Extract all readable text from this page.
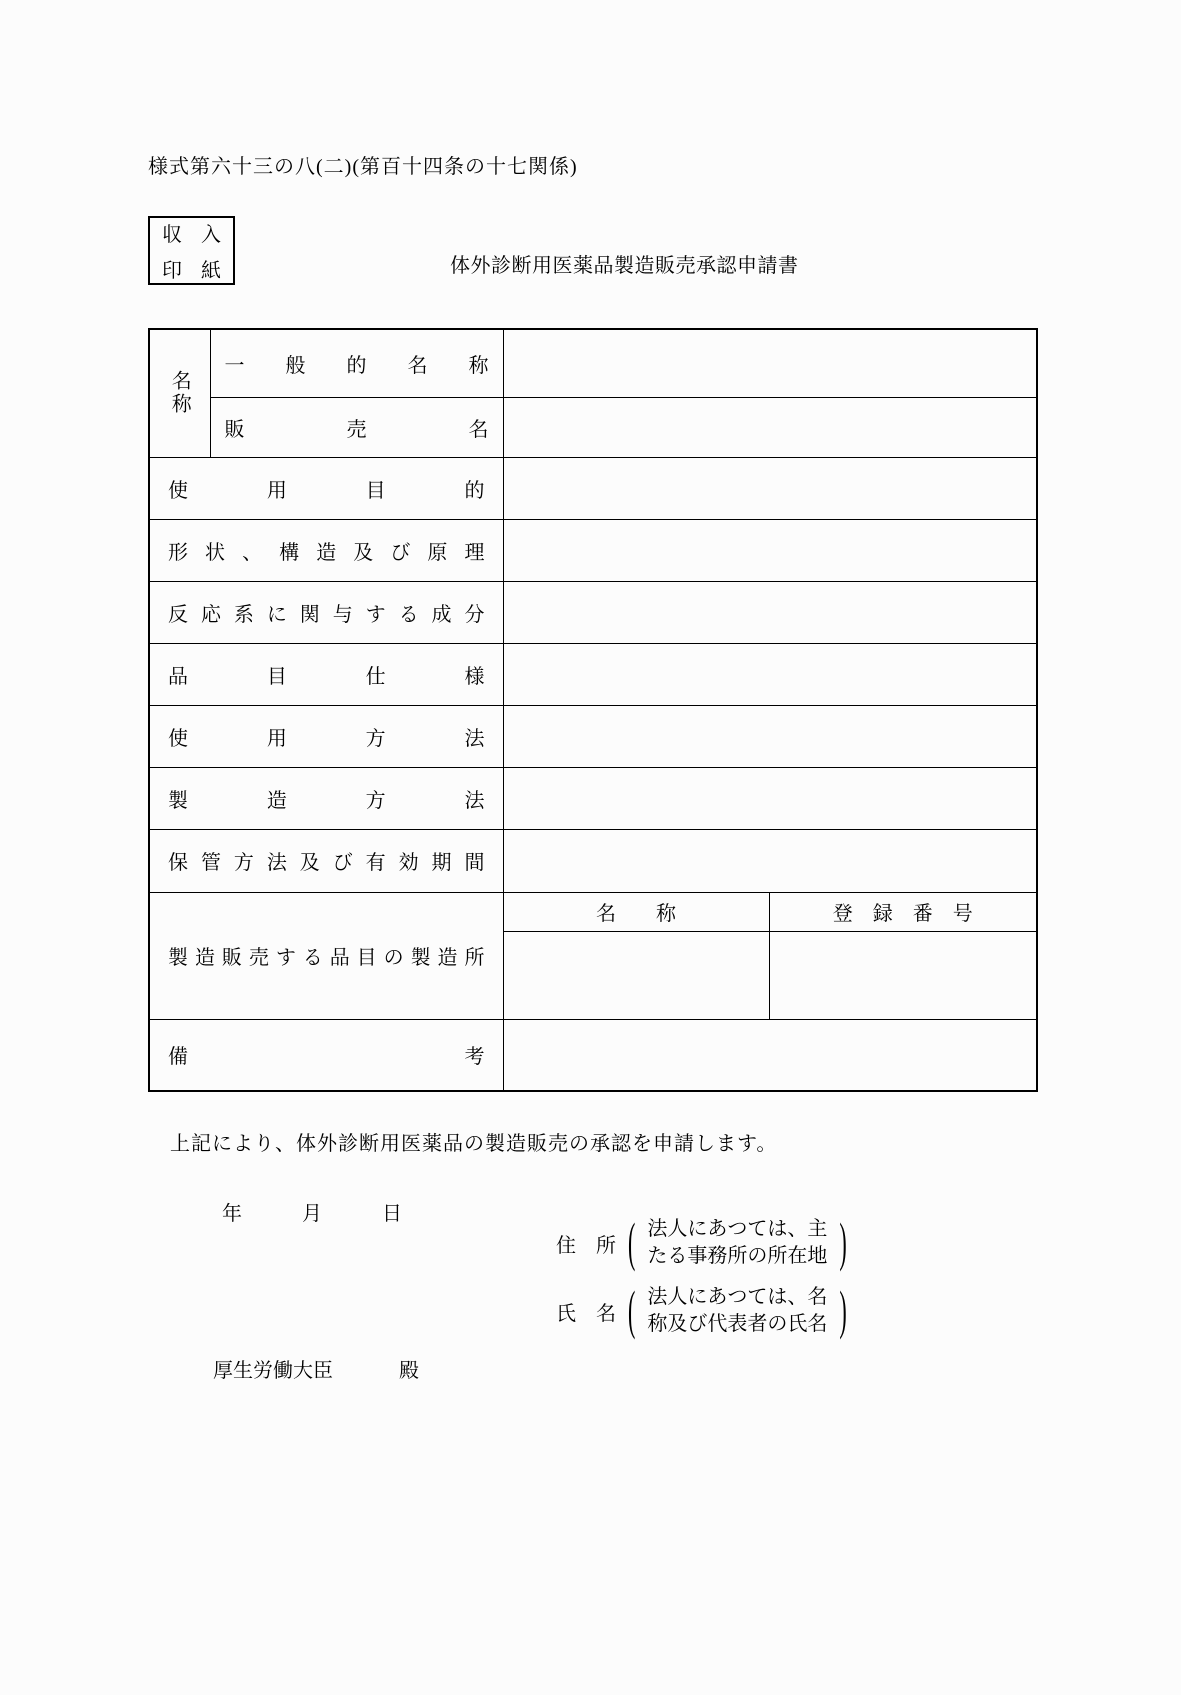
様式第六十三の八(二)(第百十四条の十七関係)
収 入
印 紙	体外診断用医薬品製造販売承認申請書
名称	一 般 的 名 称		
	販 売 名		
使 用 目 的			
形 状 、 構 造 及 び 原 理			
反 応 系 に 関 与 す る 成 分			
品 目 仕 様			
使 用 方 法			
製 造 方 法			
保 管 方 法 及 び 有 効 期 間			
製 造 販 売 す る 品 目 の 製 造 所		名　　称	登　録　番　号

備 考			
上記により、体外診断用医薬品の製造販売の承認を申請します。
年　　　月　　　日
住　所 ( 法人にあつては、主
たる事務所の所在地 )
氏　名 ( 法人にあつては、名
称及び代表者の氏名 )
厚生労働大臣	殿
